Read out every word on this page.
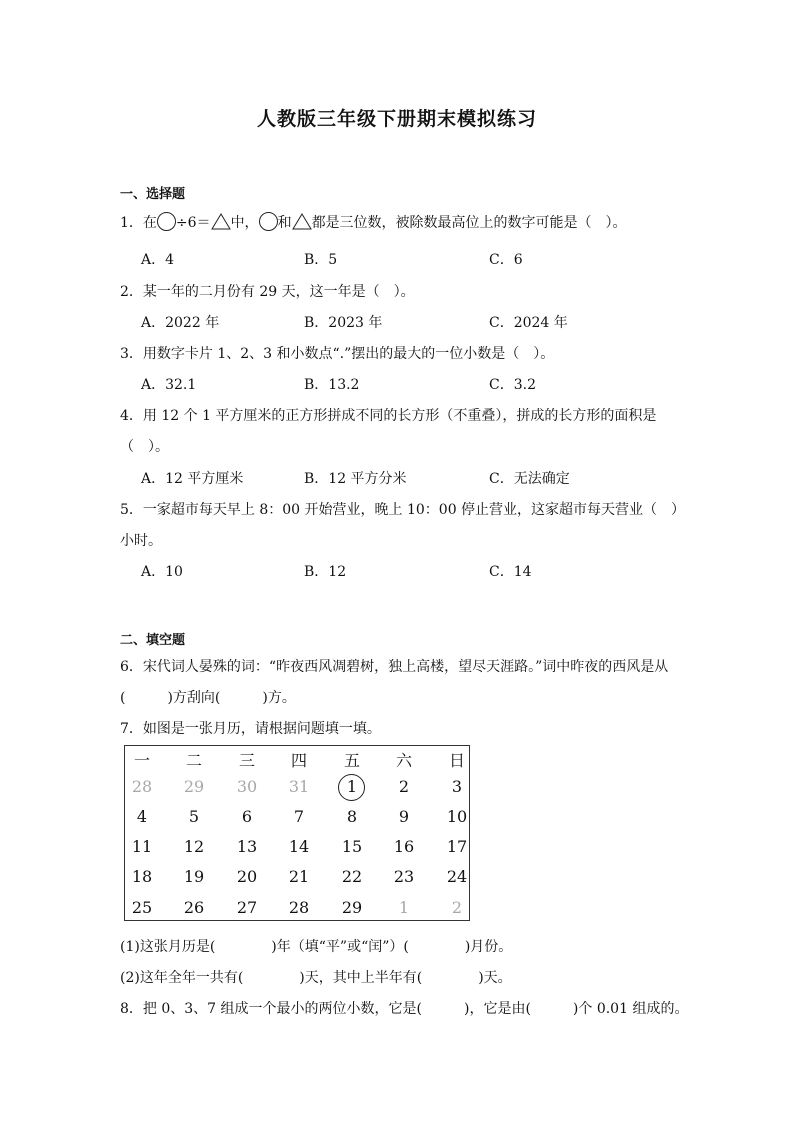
人教版三年级下册期末模拟练习
一、选择题
1．在 ÷6＝ 中， 和 都是三位数，被除数最高位上的数字可能是（　）。
A．4	B．5	C．6
2．某一年的二月份有 29 天，这一年是（　）。
A．2022 年	B．2023 年	C．2024 年
3．用数字卡片 1、2、3 和小数点“.”摆出的最大的一位小数是（　）。
A．32.1	B．13.2	C．3.2
4．用 12 个 1 平方厘米的正方形拼成不同的长方形（不重叠），拼成的长方形的面积是
（　）。
A．12 平方厘米	B．12 平方分米	C．无法确定
5．一家超市每天早上 8：00 开始营业，晚上 10：00 停止营业，这家超市每天营业（　）
小时。
A．10	B．12	C．14
二、填空题
6．宋代词人晏殊的词：“昨夜西风凋碧树，独上高楼，望尽天涯路。”词中昨夜的西风是从
(　　　)方刮向(　　　)方。
7．如图是一张月历，请根据问题填一填。
一	二	三	四	五	六	日
28	29	30	31	1	2	3
4	5	6	7	8	9	10
11	12	13	14	15	16	17
18	19	20	21	22	23	24
25	26	27	28	29	1	2
(1)这张月历是(　　　　)年（填“平”或“闰”）(　　　　)月份。
(2)这年全年一共有(　　　　)天，其中上半年有(　　　　)天。
8．把 0、3、7 组成一个最小的两位小数，它是(　　　)，它是由(　　　)个 0.01 组成的。
